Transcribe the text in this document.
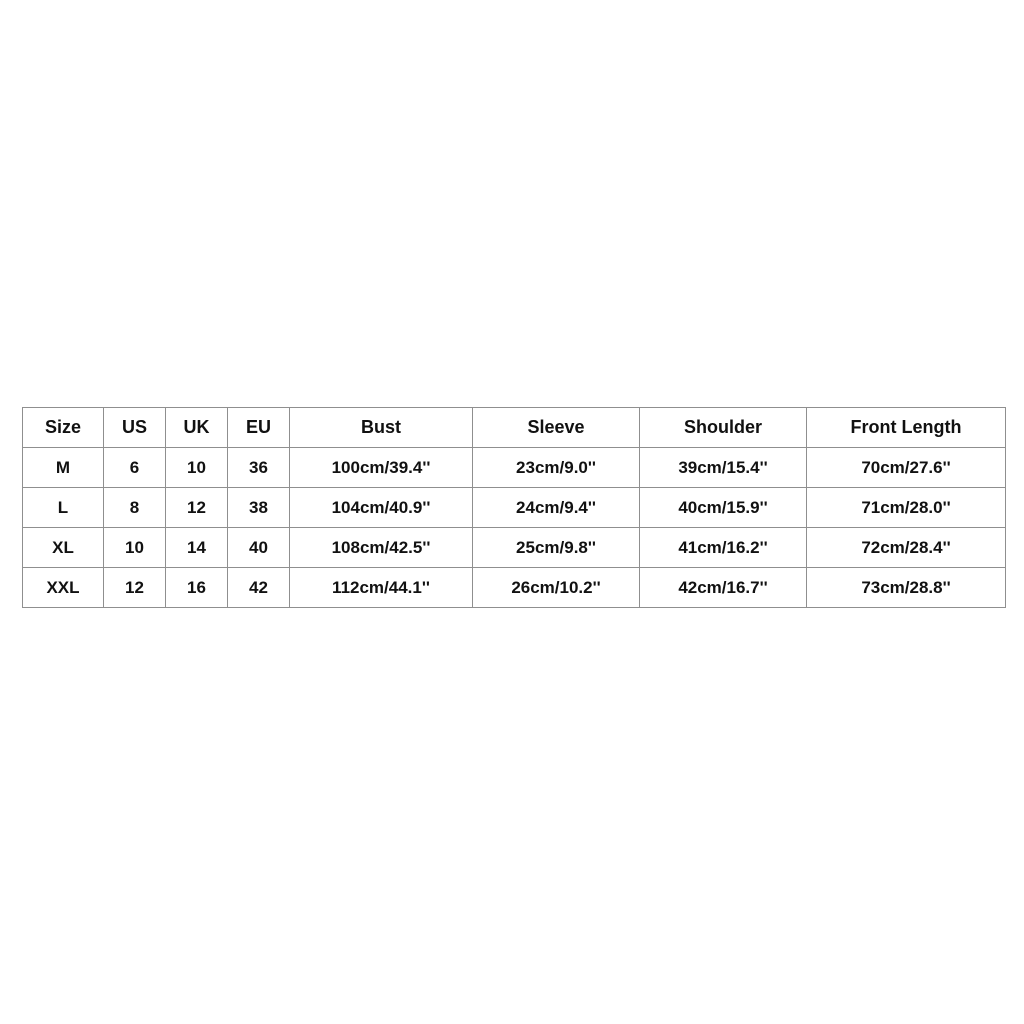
Size	US	UK	EU	Bust	Sleeve	Shoulder	Front Length
M	6	10	36	100cm/39.4''	23cm/9.0''	39cm/15.4''	70cm/27.6''
L	8	12	38	104cm/40.9''	24cm/9.4''	40cm/15.9''	71cm/28.0''
XL	10	14	40	108cm/42.5''	25cm/9.8''	41cm/16.2''	72cm/28.4''
XXL	12	16	42	112cm/44.1''	26cm/10.2''	42cm/16.7''	73cm/28.8''
